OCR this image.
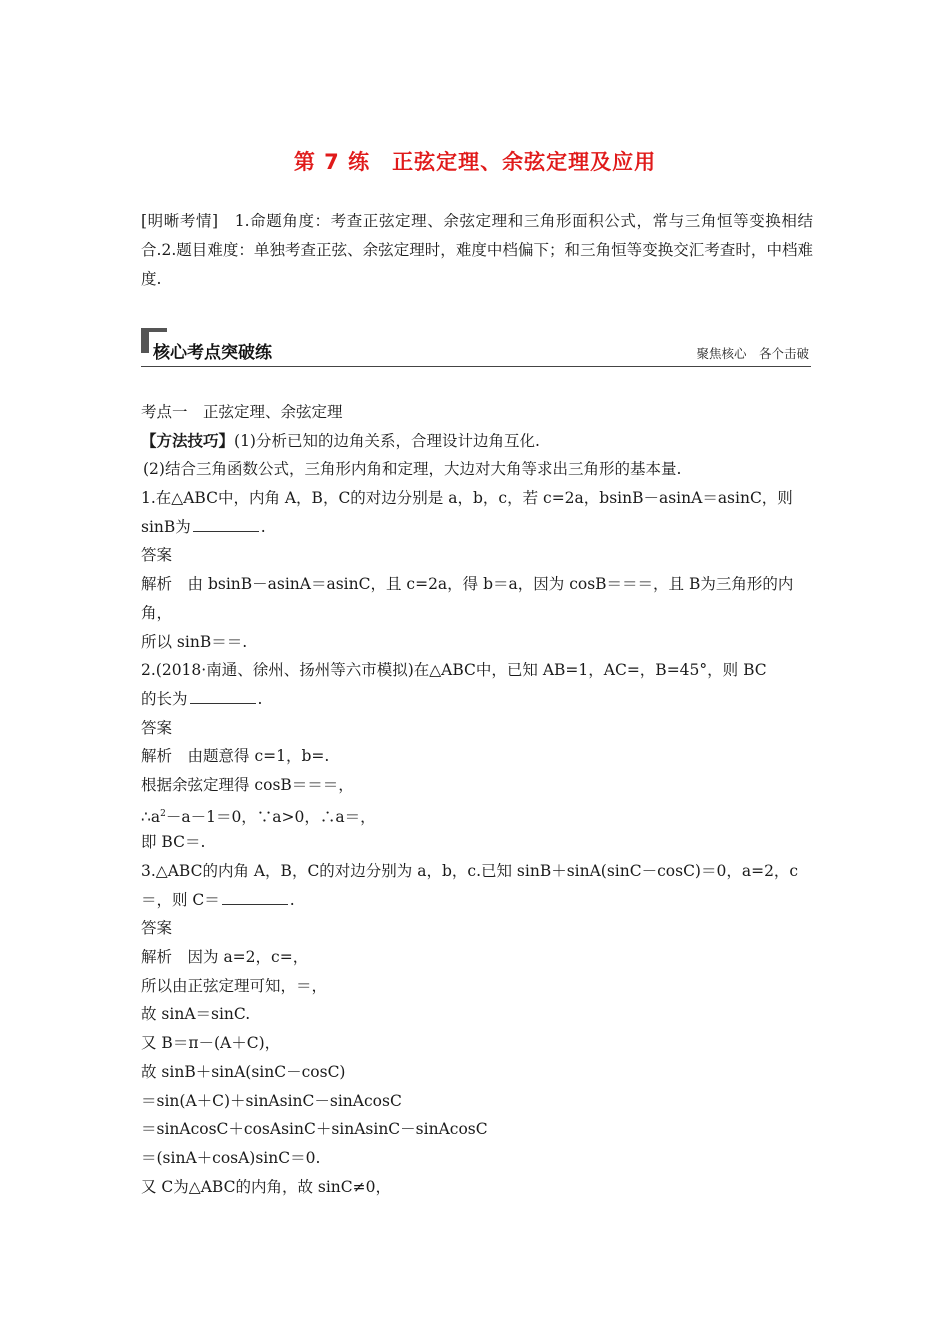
第 7 练　正弦定理、余弦定理及应用
[明晰考情]　1.命题角度：考查正弦定理、余弦定理和三角形面积公式，常与三角恒等变换相结合.2.题目难度：单独考查正弦、余弦定理时，难度中档偏下；和三角恒等变换交汇考查时，中档难度.
核心考点突破练	聚焦核心　各个击破
考点一　正弦定理、余弦定理
【方法技巧】(1)分析已知的边角关系，合理设计边角互化.
(2)结合三角函数公式，三角形内角和定理，大边对大角等求出三角形的基本量.
1.在△ABC中，内角 A，B，C的对边分别是 a，b，c，若 c=2a，bsinB－asinA＝asinC，则
sinB为	.
答案
解析　由 bsinB－asinA＝asinC，且 c=2a，得 b＝a，因为 cosB＝＝＝，且 B为三角形的内
角，
所以 sinB＝＝.
2.(2018·南通、徐州、扬州等六市模拟)在△ABC中，已知 AB=1，AC=，B=45°，则 BC
的长为	.
答案
解析　由题意得 c=1，b=.
根据余弦定理得 cosB＝＝＝，
$\therefore a^2-a-1=0$，∵a>0，∴a＝，
即 BC＝.
3.△ABC的内角 A，B，C的对边分别为 a，b，c.已知 sinB＋sinA(sinC－cosC)＝0，a=2，c
＝，则 C＝	.
答案
解析　因为 a=2，c=，
所以由正弦定理可知，＝，
故 sinA＝sinC.
又 B＝π－(A＋C)，
故 sinB＋sinA(sinC－cosC)
＝sin(A＋C)＋sinAsinC－sinAcosC
＝sinAcosC＋cosAsinC＋sinAsinC－sinAcosC
＝(sinA＋cosA)sinC＝0.
又 C为△ABC的内角，故 sinC≠0，
